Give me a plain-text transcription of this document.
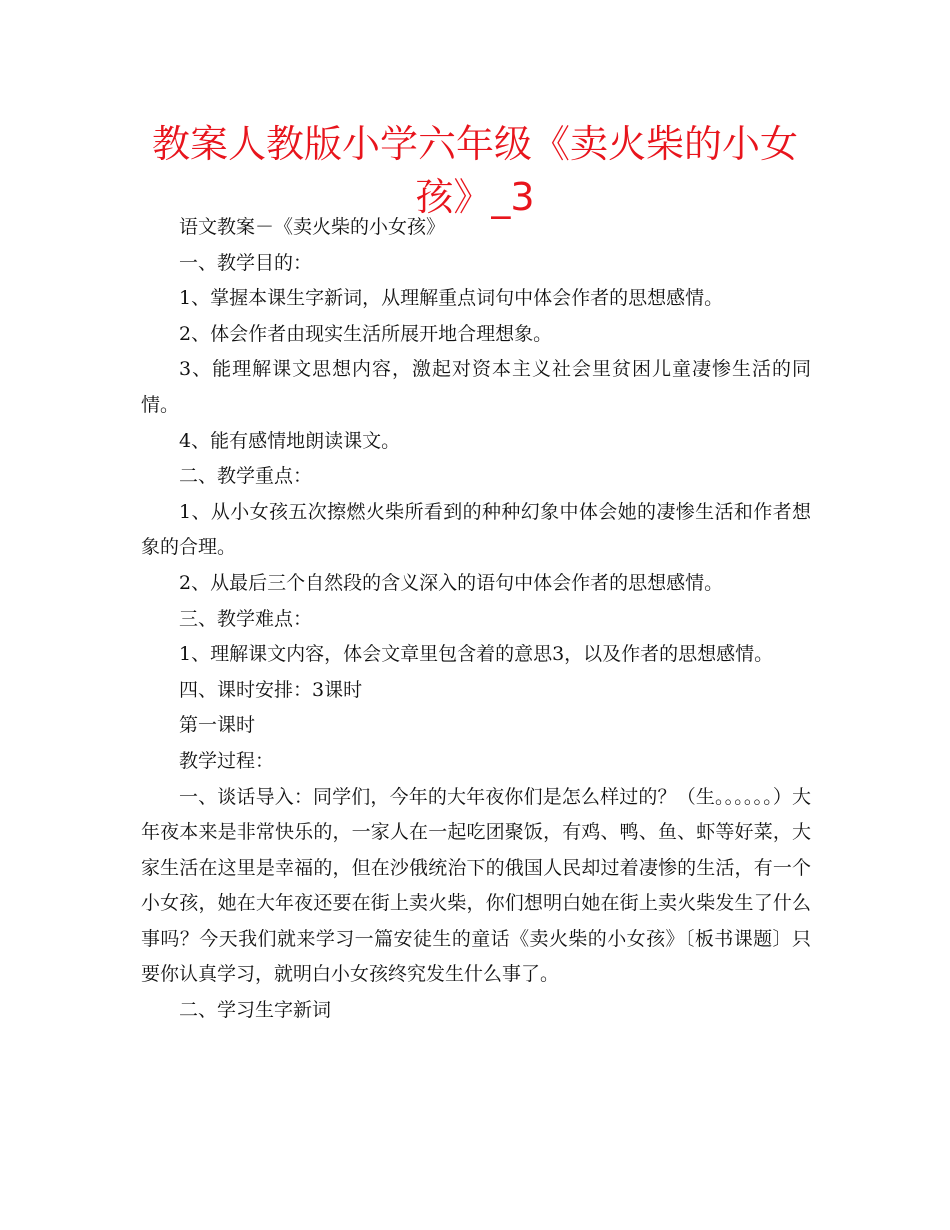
教案人教版小学六年级《卖火柴的小女
孩》_3

语文教案－《卖火柴的小女孩》

一、教学目的：

1、掌握本课生字新词，从理解重点词句中体会作者的思想感情。

2、体会作者由现实生活所展开地合理想象。

3、能理解课文思想内容，激起对资本主义社会里贫困儿童凄惨生活的同情。

4、能有感情地朗读课文。

二、教学重点：

1、从小女孩五次擦燃火柴所看到的种种幻象中体会她的凄惨生活和作者想象的合理。

2、从最后三个自然段的含义深入的语句中体会作者的思想感情。

三、教学难点：

1、理解课文内容，体会文章里包含着的意思3，以及作者的思想感情。

四、课时安排：3课时

第一课时

教学过程：

一、谈话导入：同学们，今年的大年夜你们是怎么样过的？（生。。。。。。）大年夜本来是非常快乐的，一家人在一起吃团聚饭，有鸡、鸭、鱼、虾等好菜，大家生活在这里是幸福的，但在沙俄统治下的俄国人民却过着凄惨的生活，有一个小女孩，她在大年夜还要在街上卖火柴，你们想明白她在街上卖火柴发生了什么事吗？今天我们就来学习一篇安徒生的童话《卖火柴的小女孩》〔板书课题〕只要你认真学习，就明白小女孩终究发生什么事了。

二、学习生字新词
